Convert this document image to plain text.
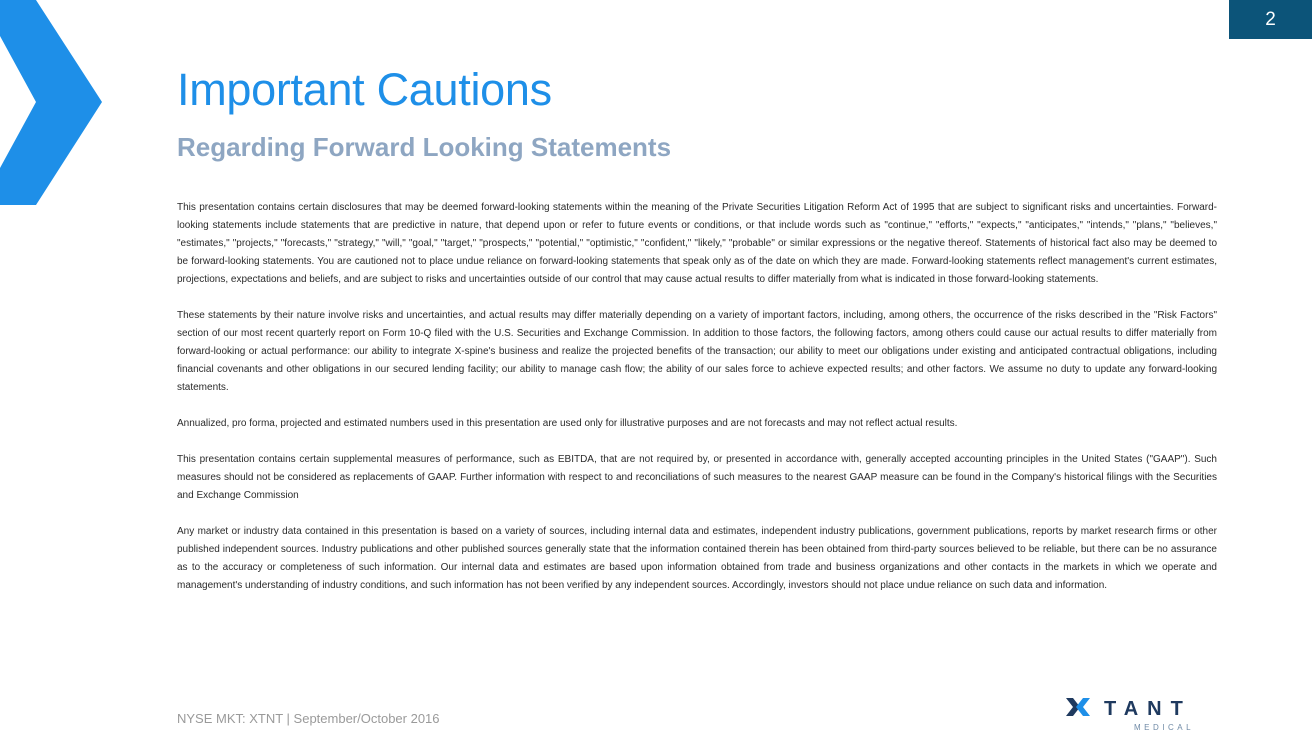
2
Important Cautions
Regarding Forward Looking Statements

This presentation contains certain disclosures that may be deemed forward-looking statements within the meaning of the Private Securities Litigation Reform Act of 1995 that are subject to significant risks and uncertainties. Forward-looking statements include statements that are predictive in nature, that depend upon or refer to future events or conditions, or that include words such as "continue," "efforts," "expects," "anticipates," "intends," "plans," "believes," "estimates," "projects," "forecasts," "strategy," "will," "goal," "target," "prospects," "potential," "optimistic," "confident," "likely," "probable" or similar expressions or the negative thereof. Statements of historical fact also may be deemed to be forward-looking statements. You are cautioned not to place undue reliance on forward-looking statements that speak only as of the date on which they are made. Forward-looking statements reflect management's current estimates, projections, expectations and beliefs, and are subject to risks and uncertainties outside of our control that may cause actual results to differ materially from what is indicated in those forward-looking statements.

These statements by their nature involve risks and uncertainties, and actual results may differ materially depending on a variety of important factors, including, among others, the occurrence of the risks described in the "Risk Factors" section of our most recent quarterly report on Form 10-Q filed with the U.S. Securities and Exchange Commission. In addition to those factors, the following factors, among others could cause our actual results to differ materially from forward-looking or actual performance: our ability to integrate X-spine's business and realize the projected benefits of the transaction; our ability to meet our obligations under existing and anticipated contractual obligations, including financial covenants and other obligations in our secured lending facility; our ability to manage cash flow; the ability of our sales force to achieve expected results; and other factors. We assume no duty to update any forward-looking statements.

Annualized, pro forma, projected and estimated numbers used in this presentation are used only for illustrative purposes and are not forecasts and may not reflect actual results.

This presentation contains certain supplemental measures of performance, such as EBITDA, that are not required by, or presented in accordance with, generally accepted accounting principles in the United States ("GAAP"). Such measures should not be considered as replacements of GAAP. Further information with respect to and reconciliations of such measures to the nearest GAAP measure can be found in the Company's historical filings with the Securities and Exchange Commission

Any market or industry data contained in this presentation is based on a variety of sources, including internal data and estimates, independent industry publications, government publications, reports by market research firms or other published independent sources. Industry publications and other published sources generally state that the information contained therein has been obtained from third-party sources believed to be reliable, but there can be no assurance as to the accuracy or completeness of such information. Our internal data and estimates are based upon information obtained from trade and business organizations and other contacts in the markets in which we operate and management's understanding of industry conditions, and such information has not been verified by any independent sources. Accordingly, investors should not place undue reliance on such data and information.

NYSE MKT: XTNT | September/October 2016	TANT
MEDICAL
